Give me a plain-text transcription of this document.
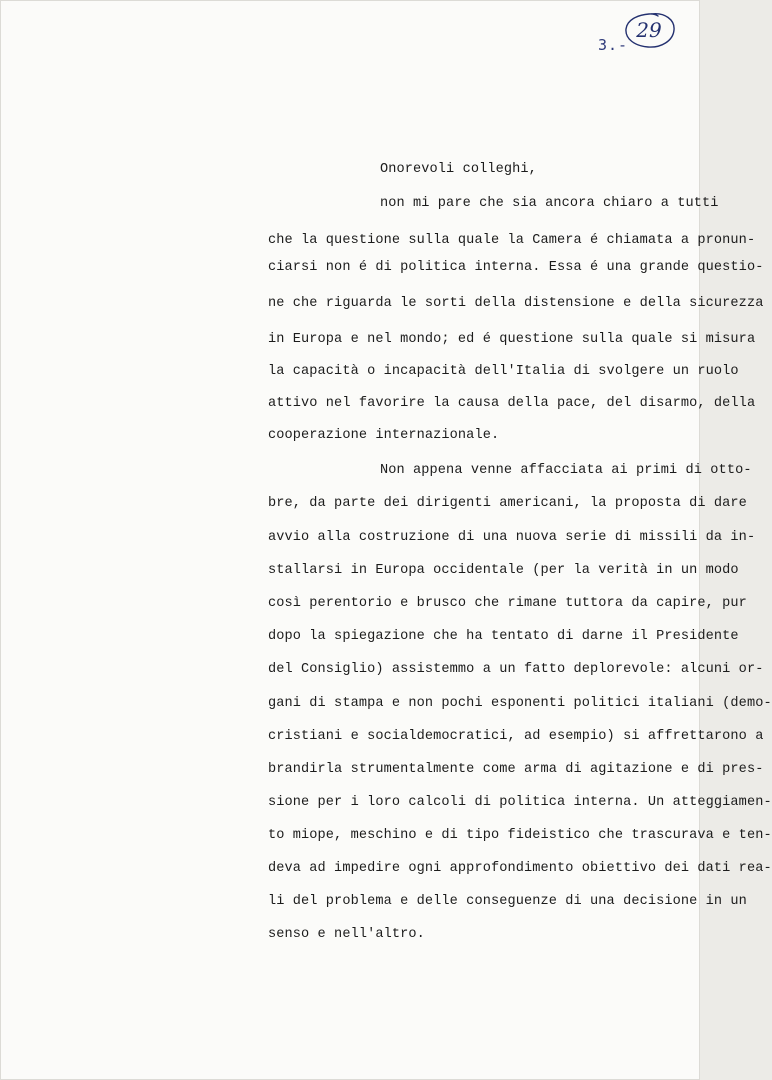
3.-
29
Onorevoli colleghi,
non mi pare che sia ancora chiaro a tutti
che la questione sulla quale la Camera é chiamata a pronun-
ciarsi non é di politica interna. Essa é una grande questio-
ne che riguarda le sorti della distensione e della sicurezza
in Europa e nel mondo; ed é questione sulla quale si misura
la capacità o incapacità dell'Italia di svolgere un ruolo
attivo nel favorire la causa della pace, del disarmo, della
cooperazione internazionale.
Non appena venne affacciata ai primi di otto-
bre, da parte dei dirigenti americani, la proposta di dare
avvio alla costruzione di una nuova serie di missili da in-
stallarsi in Europa occidentale (per la verità in un modo
così perentorio e brusco che rimane tuttora da capire, pur
dopo la spiegazione che ha tentato di darne il Presidente
del Consiglio) assistemmo a un fatto deplorevole: alcuni or-
gani di stampa e non pochi esponenti politici italiani (demo-
cristiani e socialdemocratici, ad esempio) si affrettarono a
brandirla strumentalmente come arma di agitazione e di pres-
sione per i loro calcoli di politica interna. Un atteggiamen-
to miope, meschino e di tipo fideistico che trascurava e ten-
deva ad impedire ogni approfondimento obiettivo dei dati rea-
li del problema e delle conseguenze di una decisione in un
senso e nell'altro.
